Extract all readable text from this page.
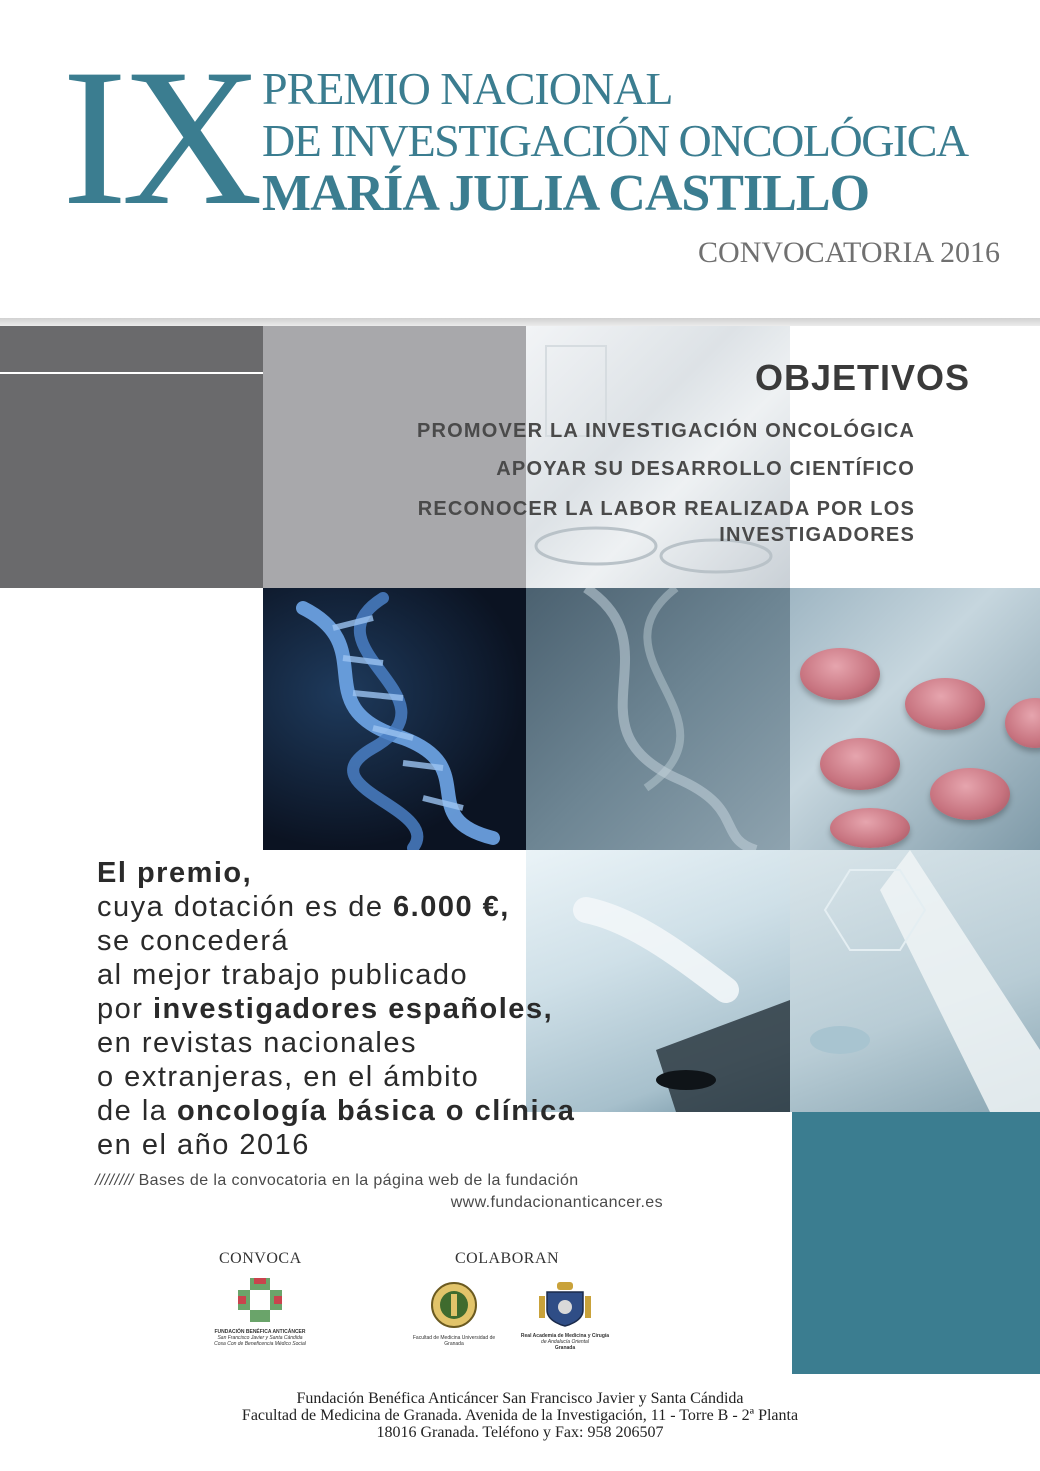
IX PREMIO NACIONAL
DE INVESTIGACIÓN ONCOLÓGICA
MARÍA JULIA CASTILLO
CONVOCATORIA 2016
OBJETIVOS
PROMOVER LA INVESTIGACIÓN ONCOLÓGICA
APOYAR SU DESARROLLO CIENTÍFICO
RECONOCER LA LABOR REALIZADA POR LOS
INVESTIGADORES
El premio,
cuya dotación es de 6.000 €,
se concederá
al mejor trabajo publicado
por investigadores españoles,
en revistas nacionales
o extranjeras, en el ámbito
de la oncología básica o clínica
en el año 2016
//////// Bases de la convocatoria en la página web de la fundación
www.fundacionanticancer.es
CONVOCA	COLABORAN
FUNDACIÓN BENÉFICA ANTICÁNCER
San Francisco Javier y Santa Cándida
Cosa Con de Beneficencia Médico Social
Facultad de Medicina Universidad de Granada
Real Academia de Medicina y Cirugía
de Andalucía Oriental
Granada
Fundación Benéfica Anticáncer San Francisco Javier y Santa Cándida
Facultad de Medicina de Granada. Avenida de la Investigación, 11 - Torre B - 2ª Planta
18016 Granada. Teléfono y Fax: 958 206507
